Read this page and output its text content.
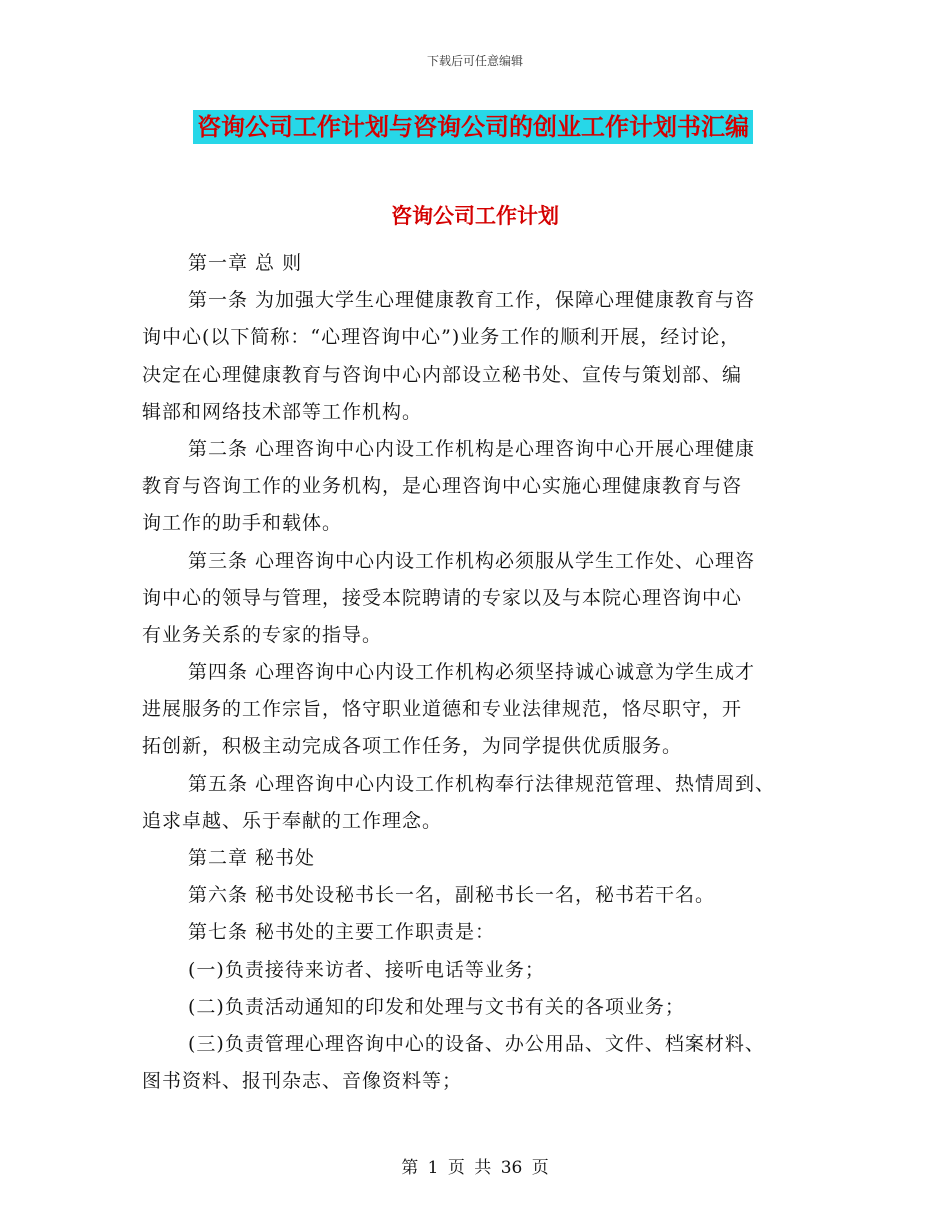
下载后可任意编辑
咨询公司工作计划与咨询公司的创业工作计划书汇编
咨询公司工作计划
第一章 总 则
第一条 为加强大学生心理健康教育工作，保障心理健康教育与咨
询中心(以下简称：“心理咨询中心”)业务工作的顺利开展，经讨论，
决定在心理健康教育与咨询中心内部设立秘书处、宣传与策划部、编
辑部和网络技术部等工作机构。
第二条 心理咨询中心内设工作机构是心理咨询中心开展心理健康
教育与咨询工作的业务机构，是心理咨询中心实施心理健康教育与咨
询工作的助手和载体。
第三条 心理咨询中心内设工作机构必须服从学生工作处、心理咨
询中心的领导与管理，接受本院聘请的专家以及与本院心理咨询中心
有业务关系的专家的指导。
第四条 心理咨询中心内设工作机构必须坚持诚心诚意为学生成才
进展服务的工作宗旨，恪守职业道德和专业法律规范，恪尽职守，开
拓创新，积极主动完成各项工作任务，为同学提供优质服务。
第五条 心理咨询中心内设工作机构奉行法律规范管理、热情周到、
追求卓越、乐于奉献的工作理念。
第二章 秘书处
第六条 秘书处设秘书长一名，副秘书长一名，秘书若干名。
第七条 秘书处的主要工作职责是：
(一)负责接待来访者、接听电话等业务；
(二)负责活动通知的印发和处理与文书有关的各项业务；
(三)负责管理心理咨询中心的设备、办公用品、文件、档案材料、
图书资料、报刊杂志、音像资料等；
第 1 页 共 36 页
